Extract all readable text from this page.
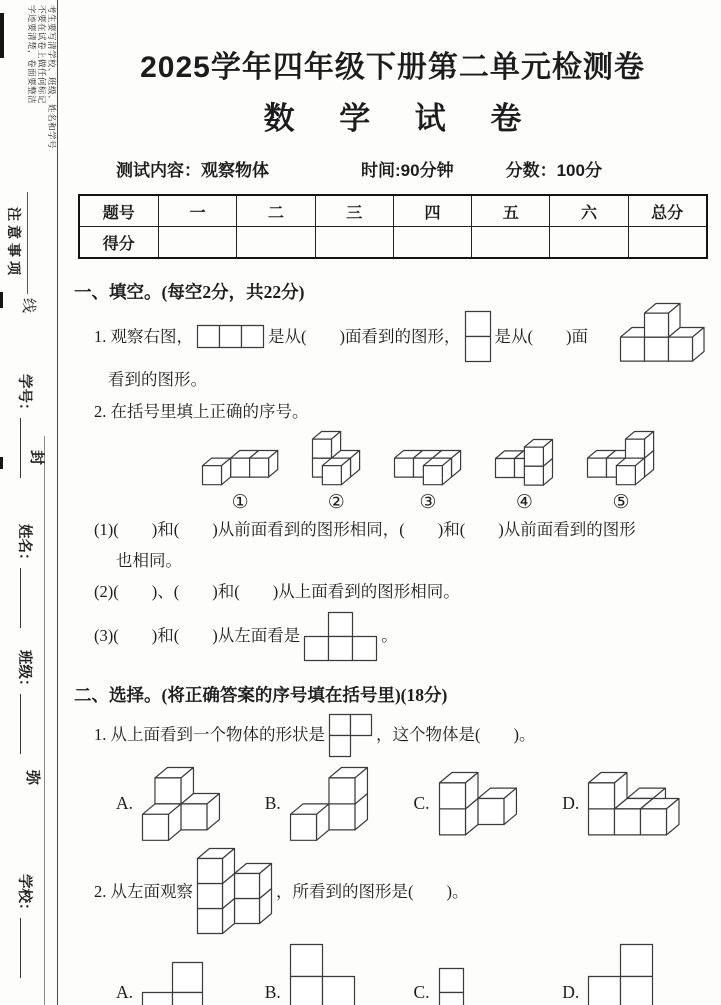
考生要写清学校、班级、姓名和学号
不要在试卷上做任何标记
字迹要清楚，卷面要整洁
注意事项
线
封
弥
学号：
姓名：
班级：
学校：
2025学年四年级下册第二单元检测卷
数 学 试 卷
测试内容：观察物体	时间:90分钟	分数：100分
题号	一	二	三	四	五	六	总分
得分							
一、填空。(每空2分，共22分)
1. 观察右图，	是从(　　)面看到的图形， 是从(　　)面
看到的图形。
2. 在括号里填上正确的序号。
①	②	③	④	⑤
(1)(　　)和(　　)从前面看到的图形相同，(　　)和(　　)从前面看到的图形
也相同。
(2)(　　)、(　　)和(　　)从上面看到的图形相同。
(3)(　　)和(　　)从左面看是	。
二、选择。(将正确答案的序号填在括号里)(18分)
1. 从上面看到一个物体的形状是	，这个物体是(　　)。
A.	B.	C.	D.
2. 从左面观察	，所看到的图形是(　　)。
A.	B.	C.	D.
